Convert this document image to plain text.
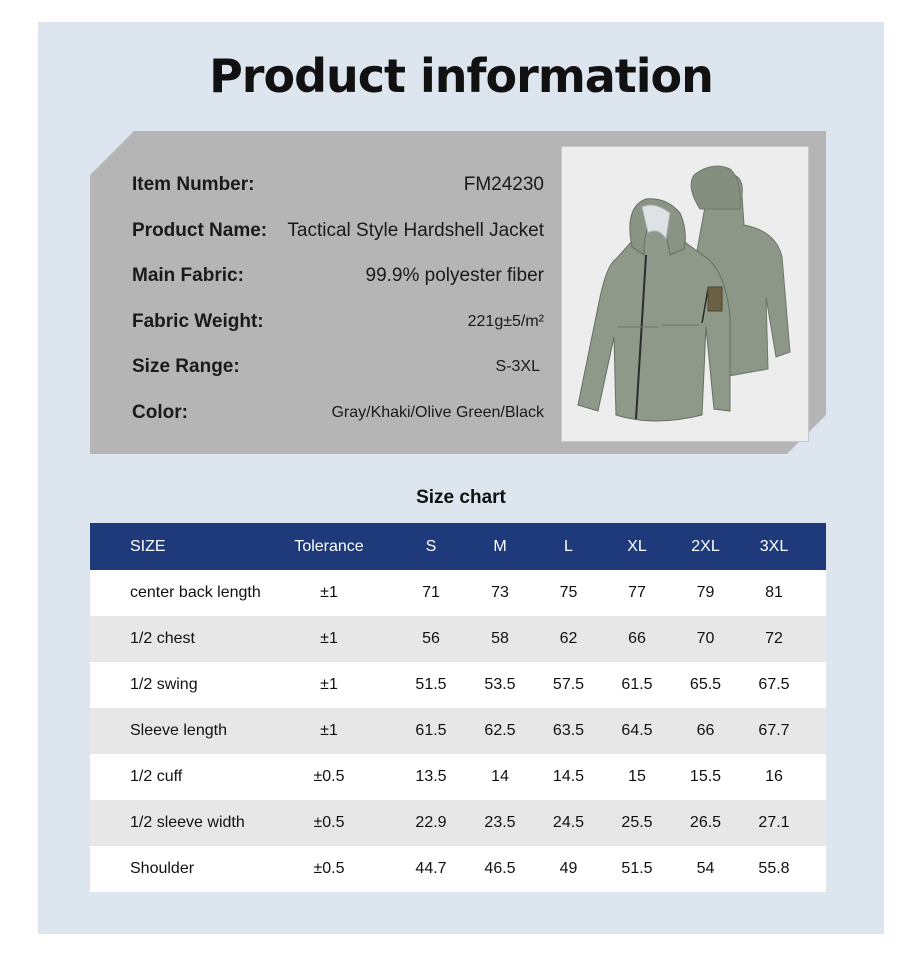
Product information
Item Number:	FM24230
Product Name: Tactical Style Hardshell Jacket
Main Fabric:	99.9% polyester fiber
Fabric Weight:	221g±5/m²
Size Range:	S-3XL
Color:	Gray/Khaki/Olive Green/Black
Size chart
SIZE	Tolerance	S	M	L	XL	2XL	3XL
center back length	±1	71	73	75	77	79	81
1/2 chest	±1	56	58	62	66	70	72
1/2 swing	±1	51.5	53.5	57.5	61.5	65.5	67.5
Sleeve length	±1	61.5	62.5	63.5	64.5	66	67.7
1/2 cuff	±0.5	13.5	14	14.5	15	15.5	16
1/2 sleeve width	±0.5	22.9	23.5	24.5	25.5	26.5	27.1
Shoulder	±0.5	44.7	46.5	49	51.5	54	55.8
